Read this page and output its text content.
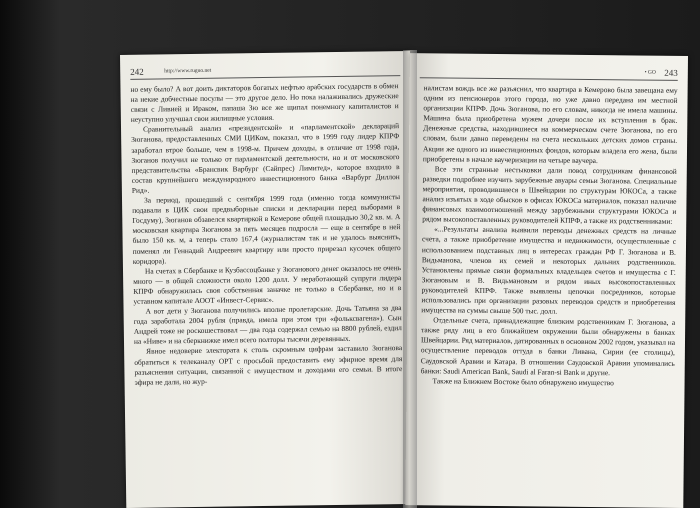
242	http://www.ruguo.net

но ему было? А вот доить диктаторов богатых нефтью арабских государств в обмен на некие добчестные посулы — это другое дело. Но пока налаживались дружеские связи с Ливией и Ираком, папаша Зю все же щипал понемногу капиталистов и неуступно улучшал свои жилищные условия.

Сравнительный анализ «президентской» и «парламентской» деклараций Зюганова, предоставленных СМИ ЦИКом, показал, что в 1999 году лидер КПРФ заработал втрое больше, чем в 1998-м. Причем доходы, в отличие от 1998 года, Зюганов получил не только от парламентской деятельности, но и от московского представительства «Брансвик Варбург (Сайпрес) Лимитед», которое входило в состав крупнейшего международного инвестиционного банка «Варбург Диллон Рид».

За период, прошедший с сентября 1999 года (именно тогда коммунисты подавали в ЦИК свои предвыборные списки и декларации перед выборами в Госдуму), Зюганов обзавелся квартиркой в Кемерове общей площадью 30,2 кв. м. А московская квартира Зюганова за пять месяцев подросла — еще в сентябре в ней было 150 кв. м, а теперь стало 167,4 (журналистам так и не удалось выяснить, поменял ли Геннадий Андреевич квартиру или просто прирезал кусочек общего коридора).

На счетах в Сбербанке и Кузбассоцбанке у Зюганового денег оказалось не очень много — в общей сложности около 1200 долл. У неработающей супруги лидера КПРФ обнаружилась своя собственная заначке не только в Сбербанке, но и в уставном капитале АООТ «Инвест-Сервис».

А вот дети у Зюганова получились вполне пролетарские. Дочь Татьяна за два года заработала 2004 рубля (правда, имела при этом три «фольксвагена»). Сын Андрей тоже не роскошествовал — два года содержал семью на 8800 рублей, ездил на «Ниве» и на сберкнижке имел всего полторы тысячи деревянных.

Явное недоверие электората к столь скромным цифрам заставило Зюганова обратиться к телеканалу ОРТ с просьбой предоставить ему эфирное время для разъяснения ситуации, связанной с имуществом и доходами его семьи. В итоге эфира не дали, но жур-

• GO 243

налистам вождь все же разъяснил, что квартира в Кемерово была завещана ему одним из пенсионеров этого города, но уже давно передана им местной организации КПРФ. Дочь Зюганова, по его словам, никогда не имела машины. Машина была приобретена мужем дочери после их вступления в брак. Денежные средства, находившиеся на коммерческом счете Зюганова, по его словам, были давно переведены на счета нескольких детских домов страны. Акции же одного из инвестиционных фондов, которым владела его жена, были приобретены в начале ваучеризации на четыре ваучера.

Все эти странные нестыковки дали повод сотрудникам финансовой разведки подробнее изучить зарубежные авуары семьи Зюганова. Специальные мероприятия, проводившиеся в Швейцарии по структурам ЮКОСа, а также анализ изъятых в ходе обысков в офисах ЮКОСа материалов, показал наличие финансовых взаимоотношений между зарубежными структурами ЮКОСа и рядом высокопоставленных руководителей КПРФ, а также их родственниками:

«...Результаты анализа выявили переводы денежных средств на личные счета, а также приобретение имущества и недвижимости, осуществленные с использованием подставных лиц в интересах граждан РФ Г. Зюганова и В. Видьманова, членов их семей и некоторых дальних родственников. Установлены прямые связи формальных владельцев счетов и имущества с Г. Зюгановым и В. Видьмановым и рядом иных высокопоставленных руководителей КПРФ. Также выявлены цепочки посредников, которые использовались при организации разовых переводов средств и приобретения имущества на суммы свыше 500 тыс. долл.

Отдельные счета, принадлежащие близким родственникам Г. Зюганова, а также ряду лиц в его ближайшем окружении были обнаружены в банках Швейцарии. Ряд материалов, датированных в основном 2002 годом, указывал на осуществление переводов оттуда в банки Ливана, Сирии (ее столицы), Саудовской Аравии и Катара. В отношении Саудовской Аравии упоминались банки: Saudi American Bank, Saudi al Faran-si Bank и другие.

Также на Ближнем Востоке было обнаружено имущество
